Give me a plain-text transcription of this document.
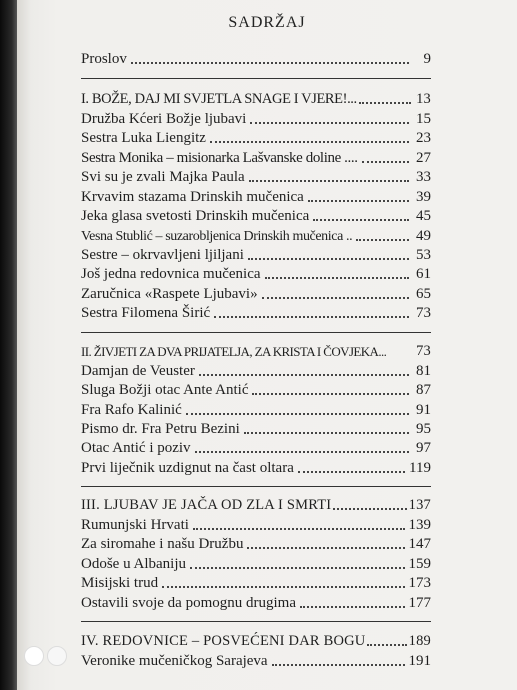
SADRŽAJ
Proslov	9
I. BOŽE, DAJ MI SVJETLA SNAGE I VJERE!...	13
Družba Kćeri Božje ljubavi	15
Sestra Luka Liengitz	23
Sestra Monika – misionarka Lašvanske doline ....	27
Svi su je zvali Majka Paula	33
Krvavim stazama Drinskih mučenica	39
Jeka glasa svetosti Drinskih mučenica	45
Vesna Stublić – suzarobljenica Drinskih mučenica ..	49
Sestre – okrvavljeni ljiljani	53
Još jedna redovnica mučenica	61
Zaručnica «Raspete Ljubavi»	65
Sestra Filomena Širić	73
II. ŽIVJETI ZA DVA PRIJATELJA, ZA KRISTA I ČOVJEKA... 73
Damjan de Veuster	81
Sluga Božji otac Ante Antić	87
Fra Rafo Kalinić	91
Pismo dr. Fra Petru Bezini	95
Otac Antić i poziv	97
Prvi liječnik uzdignut na čast oltara	119
III. LJUBAV JE JAČA OD ZLA I SMRTI	137
Rumunjski Hrvati	139
Za siromahe i našu Družbu	147
Odoše u Albaniju	159
Misijski trud	173
Ostavili svoje da pomognu drugima	177
IV. REDOVNICE – POSVEĆENI DAR BOGU	189
Veronike mučeničkog Sarajeva	191
